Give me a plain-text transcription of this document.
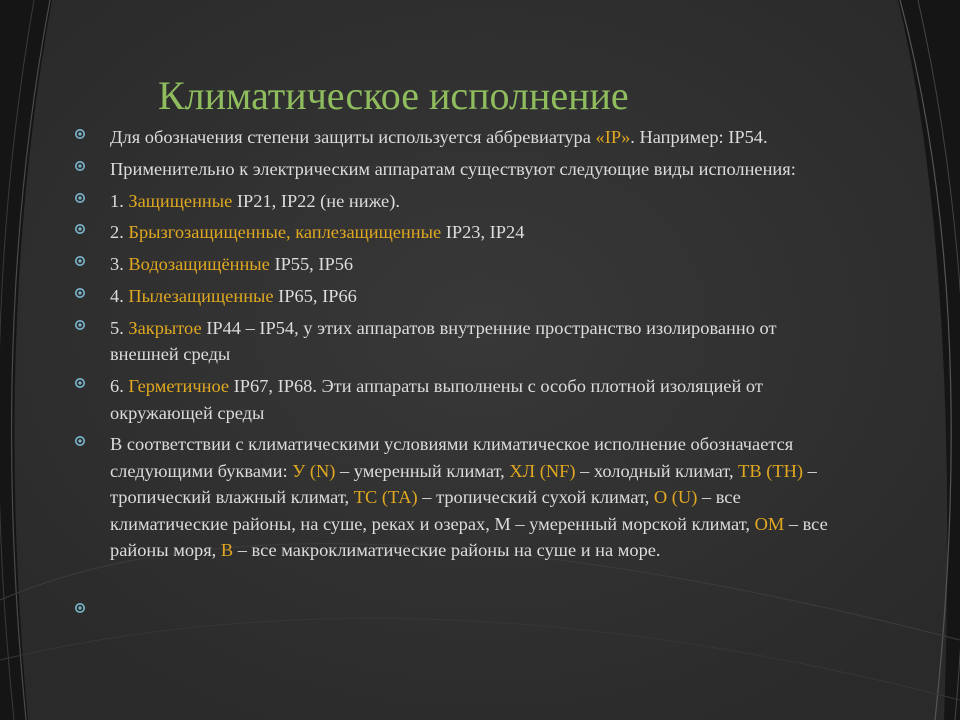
Климатическое исполнение
Для обозначения степени защиты используется аббревиатура «IP». Например: IP54.
Применительно к электрическим аппаратам существуют следующие виды исполнения:
1. Защищенные IP21, IP22 (не ниже).
2. Брызгозащищенные, каплезащищенные IP23, IP24
3. Водозащищённые IP55, IP56
4. Пылезащищенные IP65, IP66
5. Закрытое IP44 – IP54, у этих аппаратов внутренние пространство изолированно от внешней среды
6. Герметичное IP67, IP68. Эти аппараты выполнены с особо плотной изоляцией от окружающей среды
В соответствии с климатическими условиями климатическое исполнение обозначается следующими буквами: У (N) – умеренный климат, ХЛ (NF) – холодный климат, ТВ (ТН) – тропический влажный климат, ТС (ТА) – тропический сухой климат, О (U) – все климатические районы, на суше, реках и озерах, М – умеренный морской климат, ОМ – все районы моря, В – все макроклиматические районы на суше и на море.
